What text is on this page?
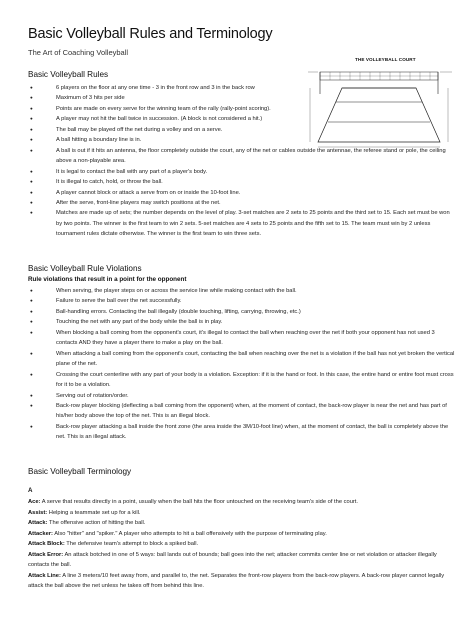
Basic Volleyball Rules and Terminology
The Art of Coaching Volleyball
THE VOLLEYBALL COURT
Basic Volleyball Rules
● 6 players on the floor at any one time - 3 in the front row and 3 in the back row
● Maximum of 3 hits per side
● Points are made on every serve for the winning team of the rally (rally-point scoring).
● A player may not hit the ball twice in succession. (A block is not considered a hit.)
● The ball may be played off the net during a volley and on a serve.
● A ball hitting a boundary line is in.
● A ball is out if it hits an antenna, the floor completely outside the court, any of the net or cables outside the antennae, the referee stand or pole, the ceiling above a non-playable area.
● It is legal to contact the ball with any part of a player's body.
● It is illegal to catch, hold, or throw the ball.
● A player cannot block or attack a serve from on or inside the 10-foot line.
● After the serve, front-line players may switch positions at the net.
● Matches are made up of sets; the number depends on the level of play. 3-set matches are 2 sets to 25 points and the third set to 15. Each set must be won by two points. The winner is the first team to win 2 sets. 5-set matches are 4 sets to 25 points and the fifth set to 15. The team must win by 2 unless tournament rules dictate otherwise. The winner is the first team to win three sets.
Basic Volleyball Rule Violations
Rule violations that result in a point for the opponent
● When serving, the player steps on or across the service line while making contact with the ball.
● Failure to serve the ball over the net successfully.
● Ball-handling errors. Contacting the ball illegally (double touching, lifting, carrying, throwing, etc.)
● Touching the net with any part of the body while the ball is in play.
● When blocking a ball coming from the opponent's court, it's illegal to contact the ball when reaching over the net if both your opponent has not used 3 contacts AND they have a player there to make a play on the ball.
● When attacking a ball coming from the opponent's court, contacting the ball when reaching over the net is a violation if the ball has not yet broken the vertical plane of the net.
● Crossing the court centerline with any part of your body is a violation. Exception: if it is the hand or foot. In this case, the entire hand or entire foot must cross for it to be a violation.
● Serving out of rotation/order.
● Back-row player blocking (deflecting a ball coming from the opponent) when, at the moment of contact, the back-row player is near the net and has part of his/her body above the top of the net. This is an illegal block.
● Back-row player attacking a ball inside the front zone (the area inside the 3M/10-foot line) when, at the moment of contact, the ball is completely above the net. This is an illegal attack.
Basic Volleyball Terminology
A
Ace: A serve that results directly in a point, usually when the ball hits the floor untouched on the receiving team's side of the court.
Assist: Helping a teammate set up for a kill.
Attack: The offensive action of hitting the ball.
Attacker: Also "hitter" and "spiker." A player who attempts to hit a ball offensively with the purpose of terminating play.
Attack Block: The defensive team's attempt to block a spiked ball.
Attack Error: An attack botched in one of 5 ways: ball lands out of bounds; ball goes into the net; attacker commits center line or net violation or attacker illegally contacts the ball.
Attack Line: A line 3 meters/10 feet away from, and parallel to, the net. Separates the front-row players from the back-row players. A back-row player cannot legally attack the ball above the net unless he takes off from behind this line.
